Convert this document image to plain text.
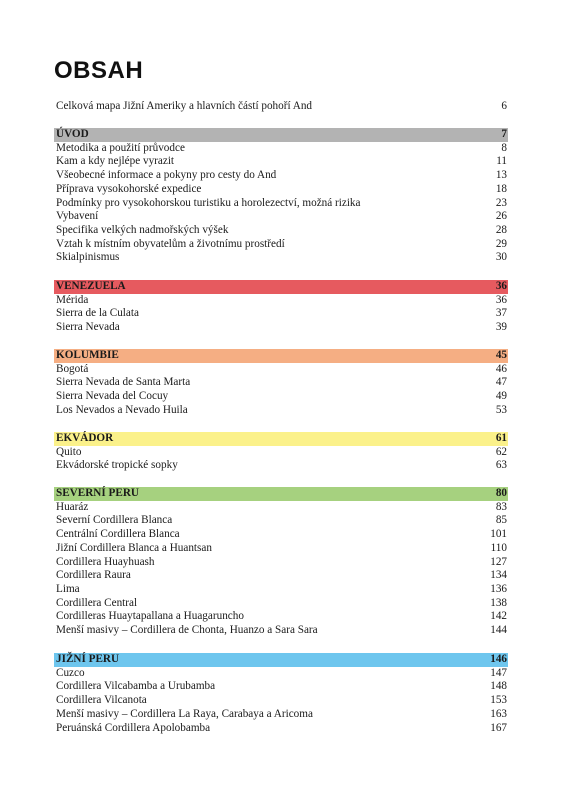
OBSAH
Celková mapa Jižní Ameriky a hlavních částí pohoří And	6
ÚVOD	7
Metodika a použití průvodce	8
Kam a kdy nejlépe vyrazit	11
Všeobecné informace a pokyny pro cesty do And	13
Příprava vysokohorské expedice	18
Podmínky pro vysokohorskou turistiku a horolezectví, možná rizika	23
Vybavení	26
Specifika velkých nadmořských výšek	28
Vztah k místním obyvatelům a životnímu prostředí	29
Skialpinismus	30
VENEZUELA	36
Mérida	36
Sierra de la Culata	37
Sierra Nevada	39
KOLUMBIE	45
Bogotá	46
Sierra Nevada de Santa Marta	47
Sierra Nevada del Cocuy	49
Los Nevados a Nevado Huila	53
EKVÁDOR	61
Quito	62
Ekvádorské tropické sopky	63
SEVERNÍ PERU	80
Huaráz	83
Severní Cordillera Blanca	85
Centrální Cordillera Blanca	101
Jižní Cordillera Blanca a Huantsan	110
Cordillera Huayhuash	127
Cordillera Raura	134
Lima	136
Cordillera Central	138
Cordilleras Huaytapallana a Huagaruncho	142
Menší masivy – Cordillera de Chonta, Huanzo a Sara Sara	144
JIŽNÍ PERU	146
Cuzco	147
Cordillera Vilcabamba a Urubamba	148
Cordillera Vilcanota	153
Menší masivy – Cordillera La Raya, Carabaya a Aricoma	163
Peruánská Cordillera Apolobamba	167
